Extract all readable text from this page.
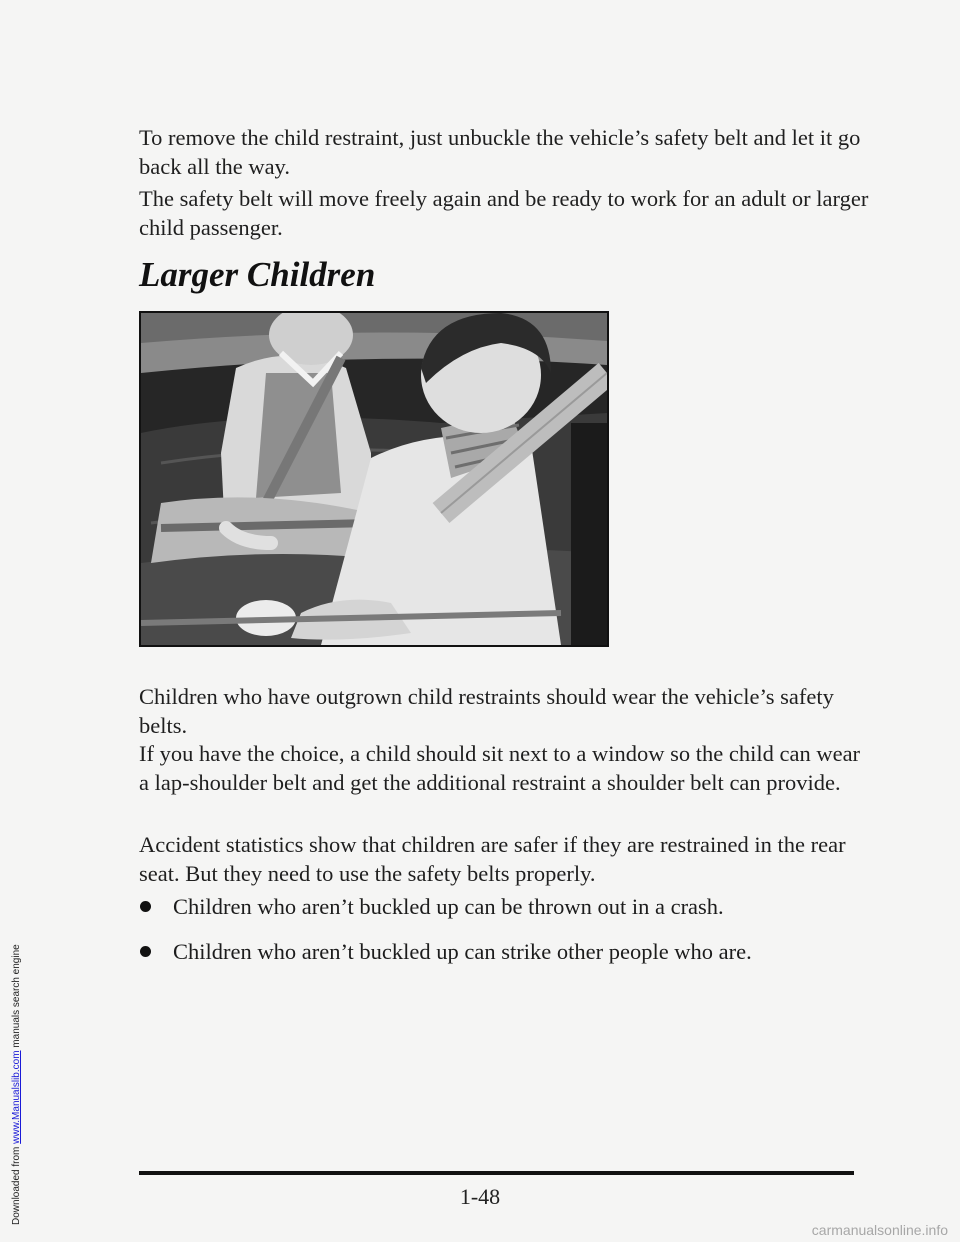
Downloaded from www.Manualslib.com manuals search engine

To remove the child restraint, just unbuckle the vehicle’s safety belt and let it go back all the way.

The safety belt will move freely again and be ready to work for an adult or larger child passenger.

Larger Children

Children who have outgrown child restraints should wear the vehicle’s safety belts.

If you have the choice, a child should sit next to a window so the child can wear a lap-shoulder belt and get the additional restraint a shoulder belt can provide.

Accident statistics show that children are safer if they are restrained in the rear seat. But they need to use the safety belts properly.

Children who aren’t buckled up can be thrown out in a crash.
Children who aren’t buckled up can strike other people who are.
1-48
carmanualsonline.info
